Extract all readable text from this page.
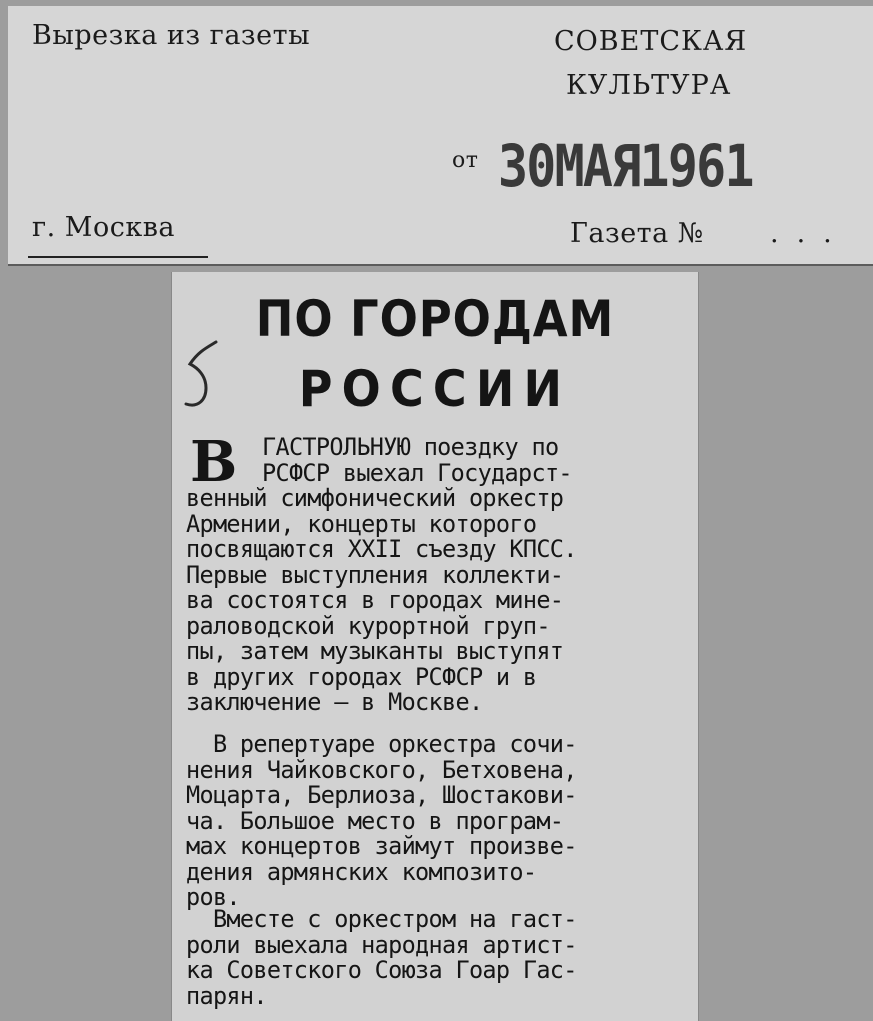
Вырезка из газеты	СОВЕТСКАЯ
КУЛЬТУРА
от 30МАЯ1961
г. Москва	Газета № ...
ПО ГОРОДАМ
РОССИИ
В ГАСТРОЛЬНУЮ поездку по
РСФСР выехал Государст-
венный симфонический оркестр
Армении, концерты которого
посвящаются XXII съезду КПСС.
Первые выступления коллекти-
ва состоятся в городах мине-
раловодской курортной груп-
пы, затем музыканты выступят
в других городах РСФСР и в
заключение — в Москве.
В репертуаре оркестра сочи-
нения Чайковского, Бетховена,
Моцарта, Берлиоза, Шостакови-
ча. Большое место в програм-
мах концертов займут произве-
дения армянских композито-
ров.
Вместе с оркестром на гаст-
роли выехала народная артист-
ка Советского Союза Гоар Гас-
парян.
